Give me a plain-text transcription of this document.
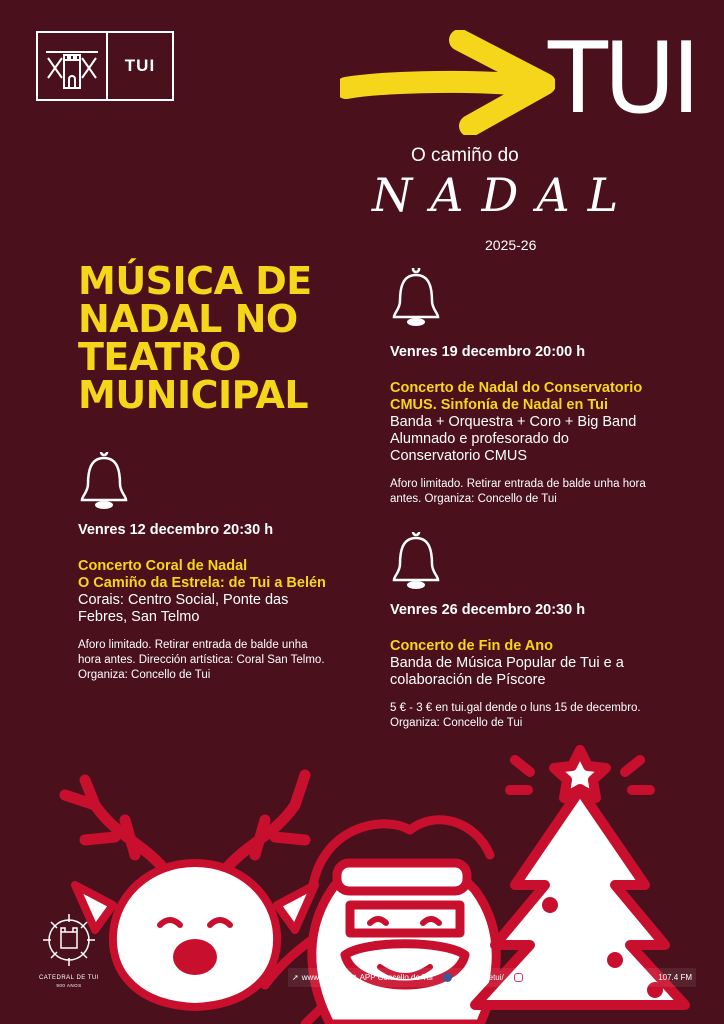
TUI	TUI
O camiño do
NADAL
2025-26
MÚSICA DE
NADAL NO
TEATRO
MUNICIPAL
Venres 12 decembro 20:30 h
Concerto Coral de Nadal
O Camiño da Estrela: de Tui a Belén
Corais: Centro Social, Ponte das
Febres, San Telmo
Aforo limitado. Retirar entrada de balde unha
hora antes. Dirección artística: Coral San Telmo.
Organiza: Concello de Tui
Venres 19 decembro 20:00 h
Concerto de Nadal do Conservatorio
CMUS. Sinfonía de Nadal en Tui
Banda + Orquestra + Coro + Big Band
Alumnado e profesorado do
Conservatorio CMUS
Aforo limitado. Retirar entrada de balde unha hora
antes. Organiza: Concello de Tui
Venres 26 decembro 20:30 h
Concerto de Fin de Ano
Banda de Música Popular de Tui e a
colaboración de Píscore
5 € - 3 € en tui.gal dende o luns 15 de decembro.
Organiza: Concello de Tui
CATEDRAL DE TUI
900 ANOS
➚ www.tui.gal ▯ APP Concello de Tui	concellodetui/	concello_de_tui	107.4 FM
